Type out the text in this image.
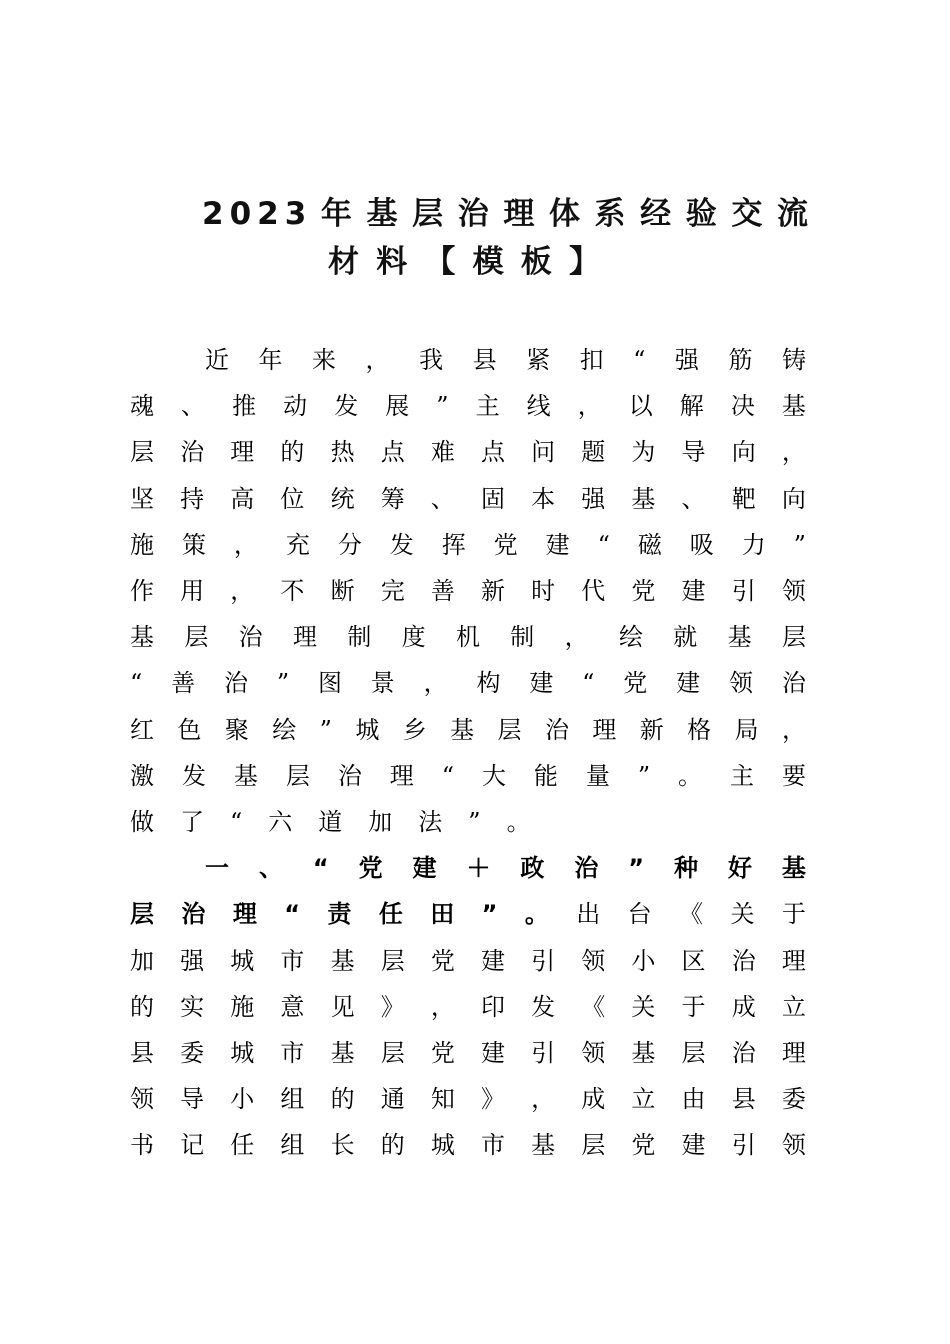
2023年基层治理体系经验交流
材料【模板】
近 年 来 ， 我 县 紧 扣 “ 强 筋 铸
魂 、 推 动 发 展 ” 主 线 ， 以 解 决 基
层 治 理 的 热 点 难 点 问 题 为 导 向 ，
坚 持 高 位 统 筹 、 固 本 强 基 、 靶 向
施 策 ， 充 分 发 挥 党 建 “ 磁 吸 力 ”
作 用 ， 不 断 完 善 新 时 代 党 建 引 领
基 层 治 理 制 度 机 制 ， 绘 就 基 层
“ 善 治 ” 图 景 ， 构 建 “ 党 建 领 治
红 色 聚 绘 ” 城 乡 基 层 治 理 新 格 局 ，
激 发 基 层 治 理 “ 大 能 量 ” 。 主 要
做 了 “ 六 道 加 法 ” 。
一 、 “ 党 建 ＋ 政 治 ” 种 好 基
层 治 理 “ 责 任 田 ” 。 出 台 《 关 于
加 强 城 市 基 层 党 建 引 领 小 区 治 理
的 实 施 意 见 》 ， 印 发 《 关 于 成 立
县 委 城 市 基 层 党 建 引 领 基 层 治 理
领 导 小 组 的 通 知 》 ， 成 立 由 县 委
书 记 任 组 长 的 城 市 基 层 党 建 引 领
